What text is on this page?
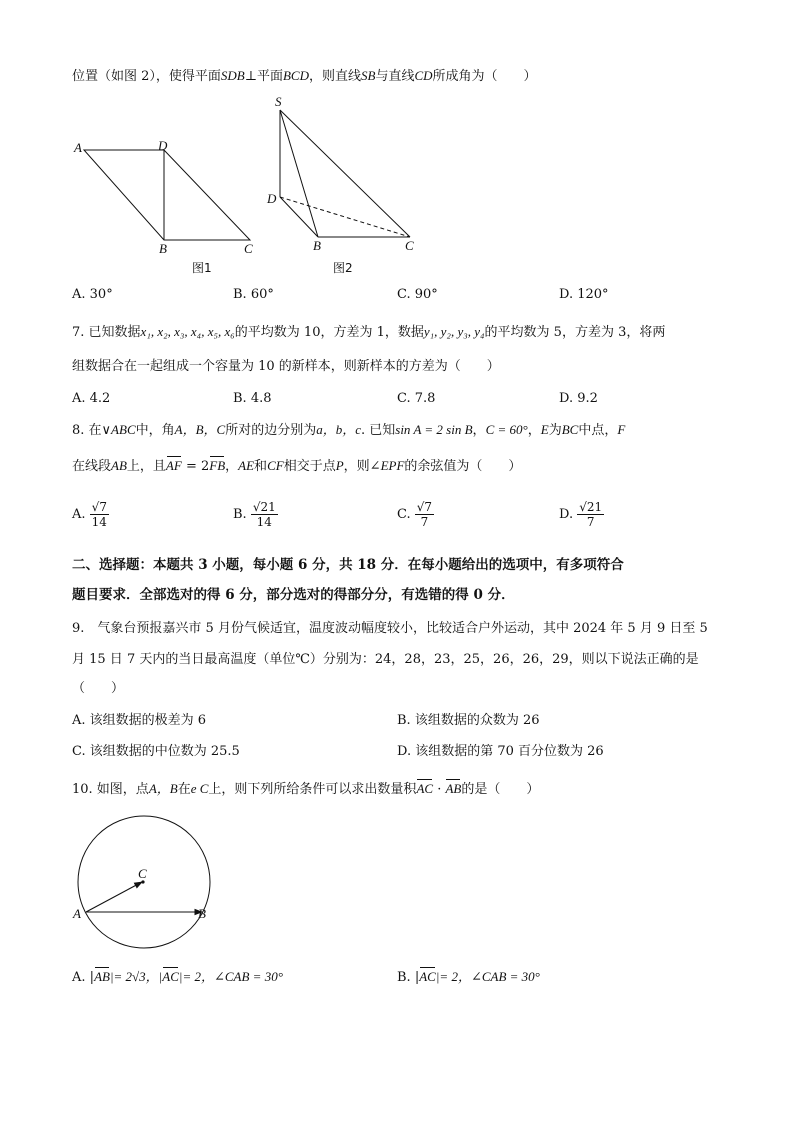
位置（如图 2），使得平面SDB⊥平面BCD，则直线SB与直线CD所成角为（　　）
A	D
B	C
图1
S
D
B	C
图2
A. 30°	B. 60°	C. 90°	D. 120°
7. 已知数据x₁, x₂, x₃, x₄, x₅, x₆的平均数为 10，方差为 1，数据y₁, y₂, y₃, y₄的平均数为 5，方差为 3，将两
组数据合在一起组成一个容量为 10 的新样本，则新样本的方差为（　　）
A. 4.2	B. 4.8	C. 7.8	D. 9.2
8. 在∨ABC中，角A，B，C所对的边分别为a，b，c. 已知sin A = 2 sin B，C = 60°，E为BC中点，F
在线段AB上，且AF = 2FB，AE和CF相交于点P，则∠EPF的余弦值为（　　）
A. $\frac{√7}{14}$	B. $\frac{√21}{14}$	C. $\frac{√7}{7}$	D. $\frac{√21}{7}$
二、选择题：本题共 3 小题，每小题 6 分，共 18 分．在每小题给出的选项中，有多项符合
题目要求．全部选对的得 6 分，部分选对的得部分分，有选错的得 0 分．
9.　气象台预报嘉兴市 5 月份气候适宜，温度波动幅度较小，比较适合户外运动，其中 2024 年 5 月 9 日至 5
月 15 日 7 天内的当日最高温度（单位℃）分别为：24，28，23，25，26，26，29，则以下说法正确的是
（　　）
A. 该组数据的极差为 6	B. 该组数据的众数为 26
C. 该组数据的中位数为 25.5	D. 该组数据的第 70 百分位数为 26
10. 如图，点A，B在e C上，则下列所给条件可以求出数量积AC · AB的是（　　）
C
A	B
A. |AB|= 2√3，|AC|= 2，∠CAB = 30°	B. |AC|= 2，∠CAB = 30°
